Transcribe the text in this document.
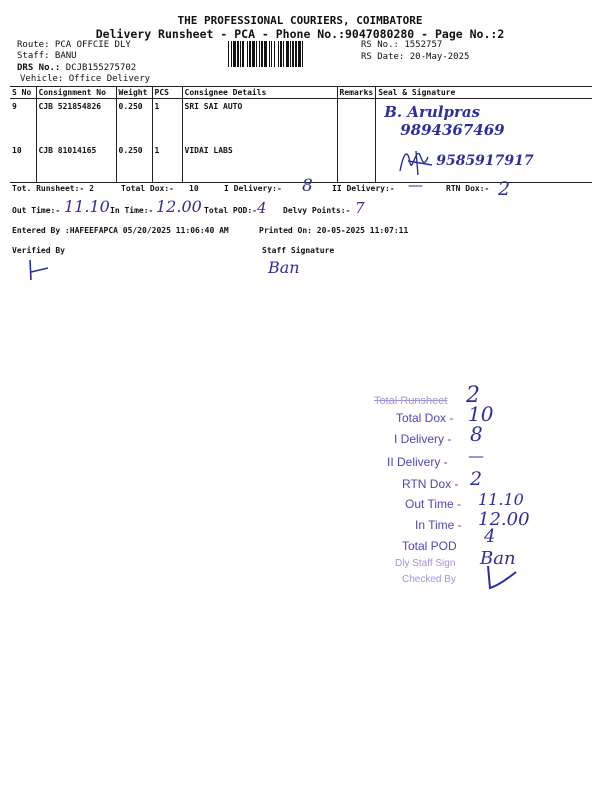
THE PROFESSIONAL COURIERS, COIMBATORE
Delivery Runsheet - PCA - Phone No.:9047080280 - Page No.:2
Route: PCA OFFCIE DLY
Staff: BANU
DRS No.: DCJB155275702
Vehicle: Office Delivery
RS No.: 1552757
RS Date: 20-May-2025
S No	Consignment No	Weight	PCS	Consignee Details	Remarks	Seal & Signature
9	CJB 521854826	0.250	1	SRI SAI AUTO		B. Arulpras
9894367469

10	CJB 81014165	0.250	1	VIDAI LABS		9585917917
Tot. Runsheet:- 2	Total Dox:- 10	I Delivery:- 8 II Delivery:- —	RTN Dox:- 2
Out Time:- 11.10 In Time:- 12.00 Total POD:- 4 Delvy Points:- 7
Entered By :HAFEEFAPCA 05/20/2025 11:06:40 AM	Printed On: 20-05-2025 11:07:11
Verified By	Staff Signature
Ban
Total Runsheet 2
Total Dox - 10
I Delivery - 8
II Delivery - —
RTN Dox - 2
Out Time - 11.10
In Time - 12.00
Total POD 4
Dly Staff Sign Ban
Checked By
